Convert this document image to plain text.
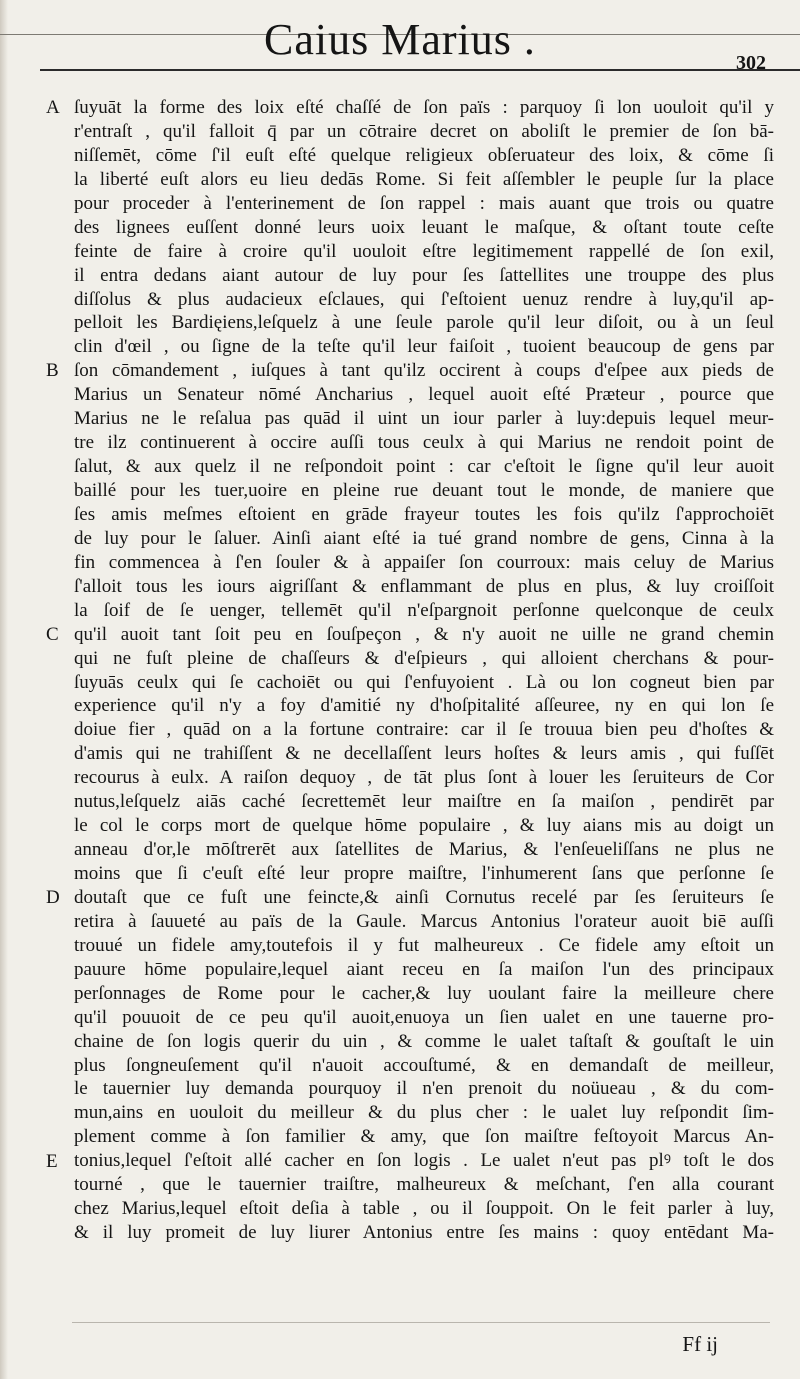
Caius Marius .	302
A
B
C
D
E
ſuyuāt la forme des loix eſté chaſſé de ſon païs : parquoy ſi lon uouloit qu'il y
r'entraſt , qu'il falloit q̄ par un cōtraire decret on aboliſt le premier de ſon bā-
niſſemēt, cōme ſ'il euſt eſté quelque religieux obſeruateur des loix, & cōme ſi
la liberté euſt alors eu lieu dedās Rome. Si feit aſſembler le peuple ſur la place
pour proceder à l'enterinement de ſon rappel : mais auant que trois ou quatre
des lignees euſſent donné leurs uoix leuant le maſque, & oſtant toute ceſte
feinte de faire à croire qu'il uouloit eſtre legitimement rappellé de ſon exil,
il entra dedans aiant autour de luy pour ſes ſattellites une trouppe des plus
diſſolus & plus audacieux eſclaues, qui ſ'eſtoient uenuz rendre à luy,qu'il ap-
pelloit les Bardięiens,leſquelz à une ſeule parole qu'il leur diſoit, ou à un ſeul
clin d'œil , ou ſigne de la teſte qu'il leur faiſoit , tuoient beaucoup de gens par
ſon cōmandement , iuſques à tant qu'ilz occirent à coups d'eſpee aux pieds de
Marius un Senateur nōmé Ancharius , lequel auoit eſté Præteur , pource que
Marius ne le reſalua pas quād il uint un iour parler à luy:depuis lequel meur-
tre ilz continuerent à occire auſſi tous ceulx à qui Marius ne rendoit point de
ſalut, & aux quelz il ne reſpondoit point : car c'eſtoit le ſigne qu'il leur auoit
baillé pour les tuer,uoire en pleine rue deuant tout le monde, de maniere que
ſes amis meſmes eſtoient en grāde frayeur toutes les fois qu'ilz ſ'approchoiēt
de luy pour le ſaluer. Ainſi aiant eſté ia tué grand nombre de gens, Cinna à la
fin commencea à ſ'en ſouler & à appaiſer ſon courroux: mais celuy de Marius
ſ'alloit tous les iours aigriſſant & enflammant de plus en plus, & luy croiſſoit
la ſoif de ſe uenger, tellemēt qu'il n'eſpargnoit perſonne quelconque de ceulx
qu'il auoit tant ſoit peu en ſouſpeçon , & n'y auoit ne uille ne grand chemin
qui ne fuſt pleine de chaſſeurs & d'eſpieurs , qui alloient cherchans & pour-
ſuyuās ceulx qui ſe cachoiēt ou qui ſ'enfuyoient . Là ou lon cogneut bien par
experience qu'il n'y a foy d'amitié ny d'hoſpitalité aſſeuree, ny en qui lon ſe
doiue fier , quād on a la fortune contraire: car il ſe trouua bien peu d'hoſtes &
d'amis qui ne trahiſſent & ne decellaſſent leurs hoſtes & leurs amis , qui fuſſēt
recourus à eulx. A raiſon dequoy , de tāt plus ſont à louer les ſeruiteurs de Cor
nutus,leſquelz aiās caché ſecrettemēt leur maiſtre en ſa maiſon , pendirēt par
le col le corps mort de quelque hōme populaire , & luy aians mis au doigt un
anneau d'or,le mōſtrerēt aux ſatellites de Marius, & l'enſeueliſſans ne plus ne
moins que ſi c'euſt eſté leur propre maiſtre, l'inhumerent ſans que perſonne ſe
doutaſt que ce fuſt une feincte,& ainſi Cornutus recelé par ſes ſeruiteurs ſe
retira à ſauueté au païs de la Gaule. Marcus Antonius l'orateur auoit biē auſſi
trouué un fidele amy,toutefois il y fut malheureux . Ce fidele amy eſtoit un
pauure hōme populaire,lequel aiant receu en ſa maiſon l'un des principaux
perſonnages de Rome pour le cacher,& luy uoulant faire la meilleure chere
qu'il pouuoit de ce peu qu'il auoit,enuoya un ſien ualet en une tauerne pro-
chaine de ſon logis querir du uin , & comme le ualet taſtaſt & gouſtaſt le uin
plus ſongneuſement qu'il n'auoit accouſtumé, & en demandaſt de meilleur,
le tauernier luy demanda pourquoy il n'en prenoit du noüueau , & du com-
mun,ains en uouloit du meilleur & du plus cher : le ualet luy reſpondit ſim-
plement comme à ſon familier & amy, que ſon maiſtre feſtoyoit Marcus An-
tonius,lequel ſ'eſtoit allé cacher en ſon logis . Le ualet n'eut pas plꝰ toſt le dos
tourné , que le tauernier traiſtre, malheureux & meſchant, ſ'en alla courant
chez Marius,lequel eſtoit deſia à table , ou il ſouppoit. On le feit parler à luy,
& il luy promeit de luy liurer Antonius entre ſes mains : quoy entēdant Ma-
Ff ij
